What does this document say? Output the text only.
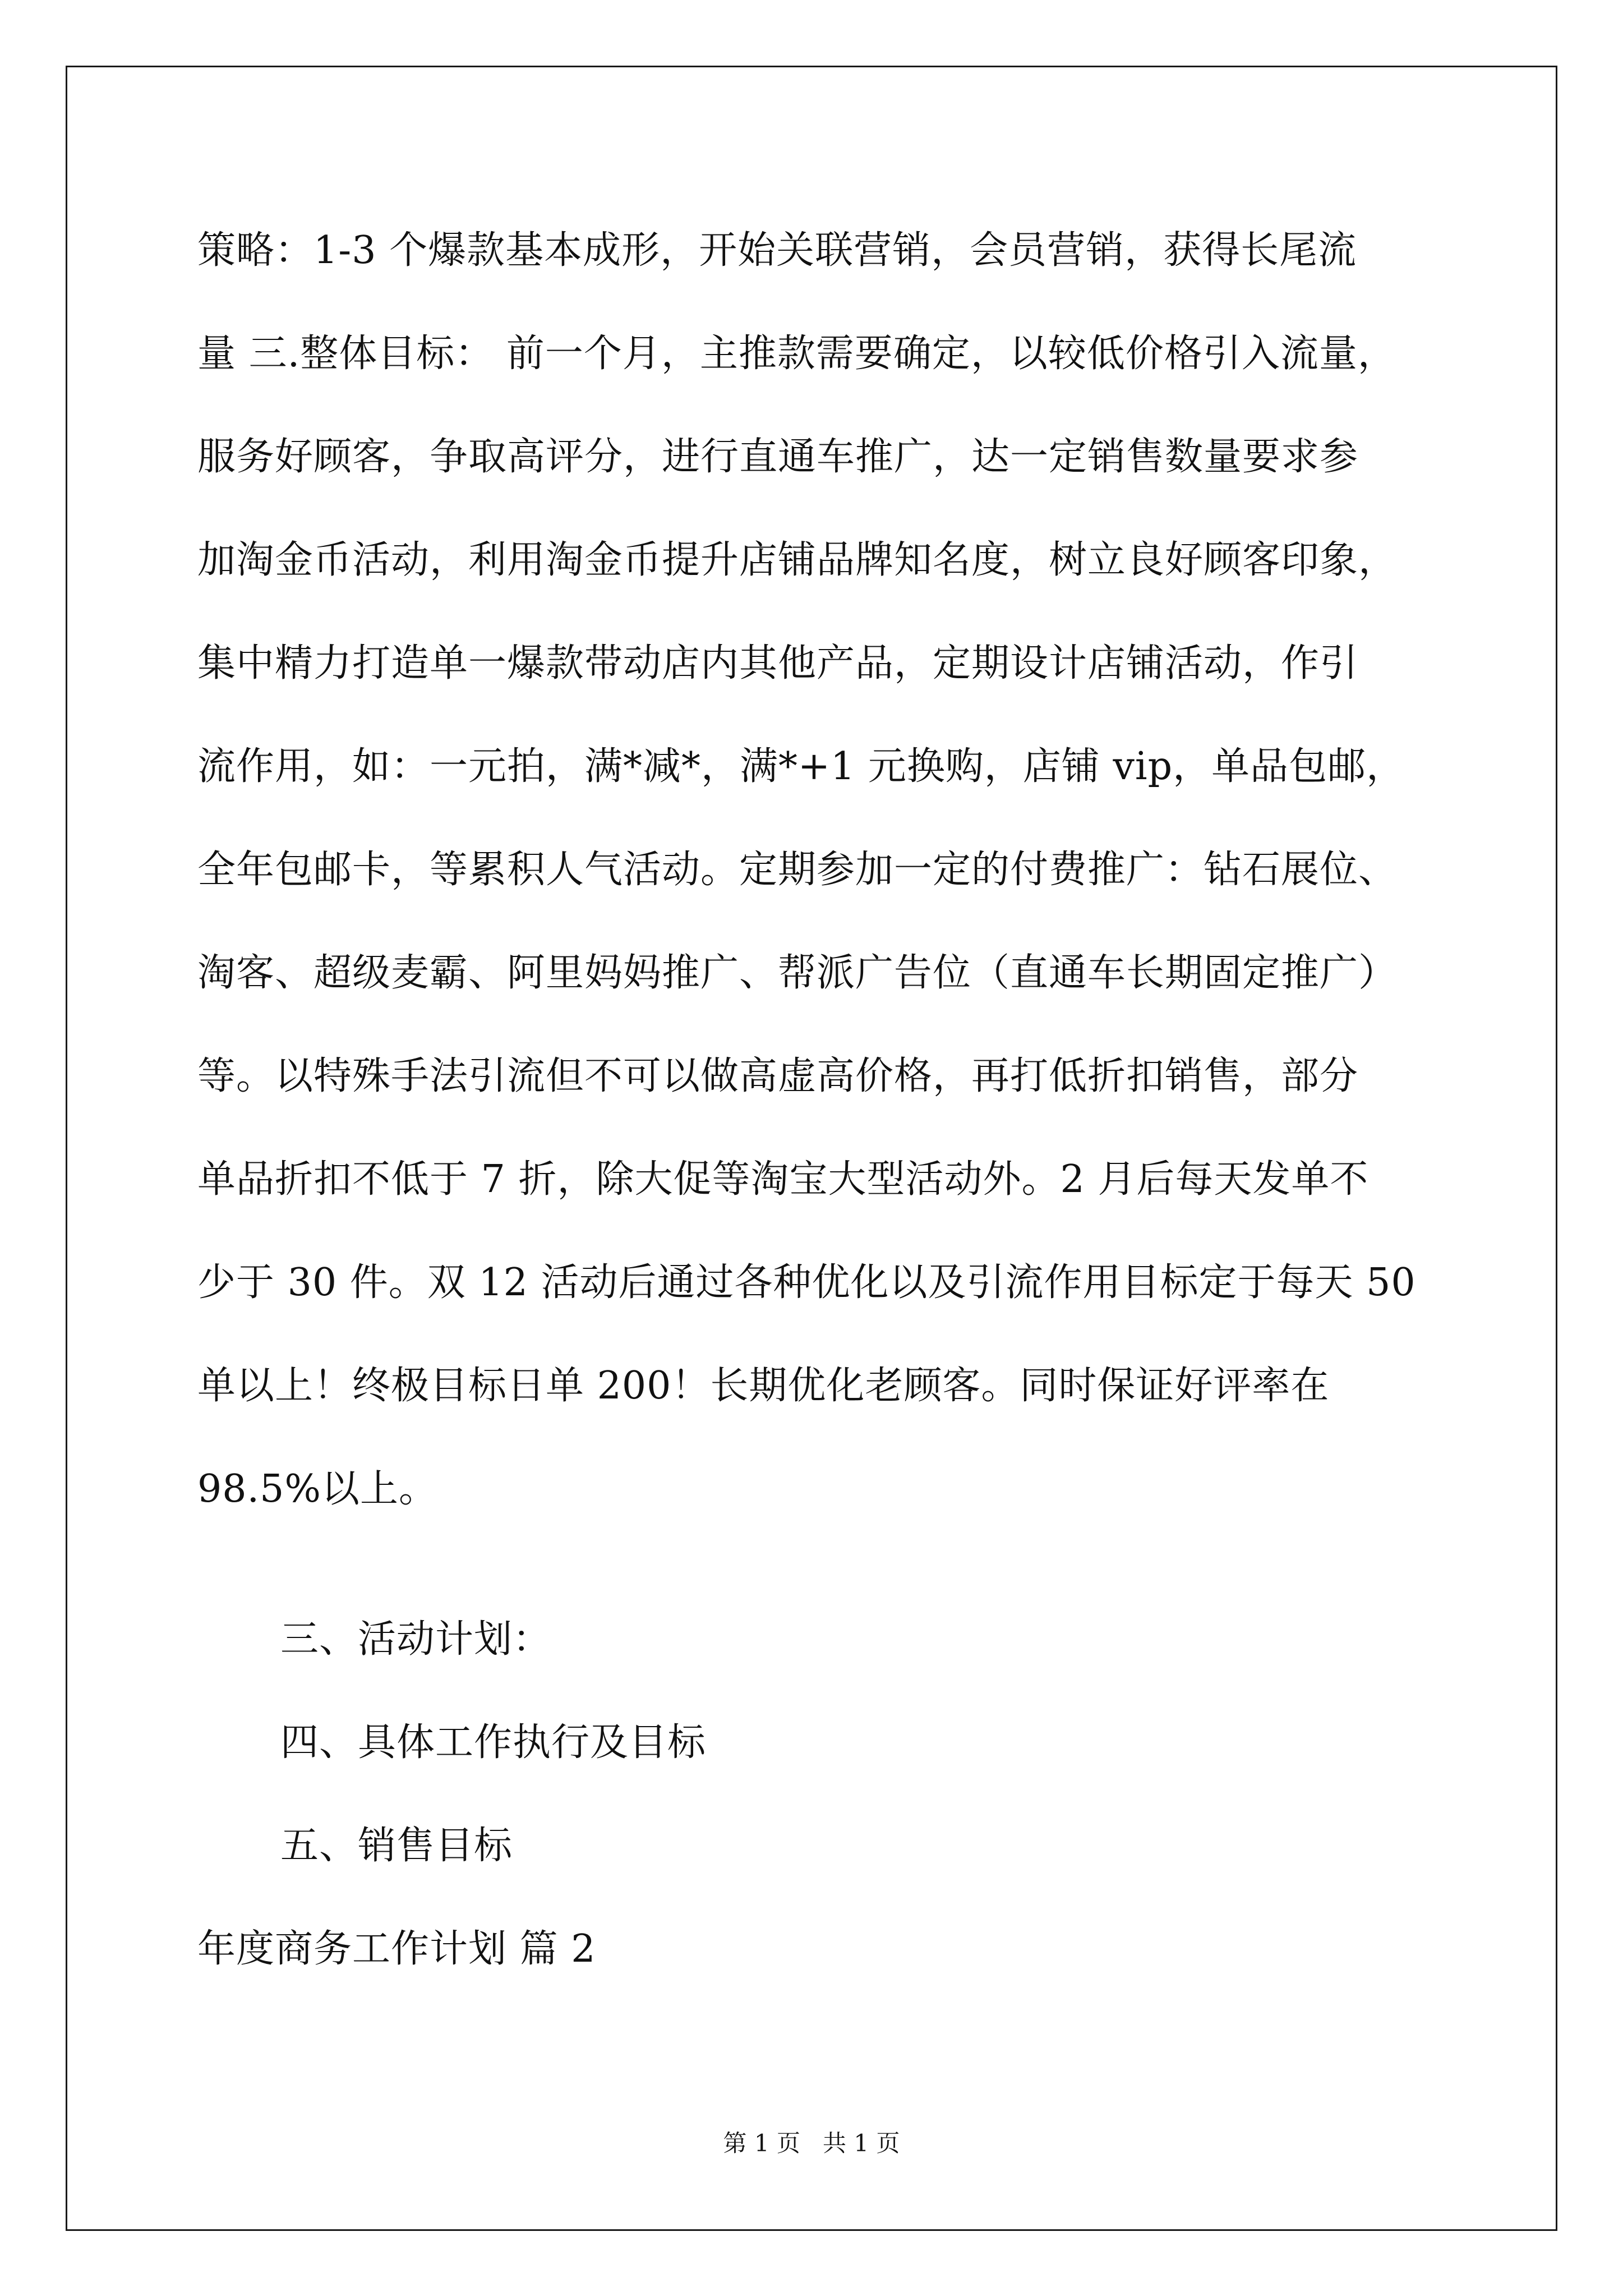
策略：1-3 个爆款基本成形，开始关联营销，会员营销，获得长尾流
量 三.整体目标： 前一个月，主推款需要确定，以较低价格引入流量，
服务好顾客，争取高评分，进行直通车推广，达一定销售数量要求参
加淘金币活动，利用淘金币提升店铺品牌知名度，树立良好顾客印象，
集中精力打造单一爆款带动店内其他产品，定期设计店铺活动，作引
流作用，如：一元拍，满*减*，满*+1 元换购，店铺 vip，单品包邮，
全年包邮卡，等累积人气活动。定期参加一定的付费推广：钻石展位、
淘客、超级麦霸、阿里妈妈推广、帮派广告位（直通车长期固定推广）
等。以特殊手法引流但不可以做高虚高价格，再打低折扣销售，部分
单品折扣不低于 7 折，除大促等淘宝大型活动外。2 月后每天发单不
少于 30 件。双 12 活动后通过各种优化以及引流作用目标定于每天 50
单以上！终极目标日单 200！长期优化老顾客。同时保证好评率在
98.5%以上。
三、活动计划：
四、具体工作执行及目标
五、销售目标
年度商务工作计划 篇 2
第 1 页   共 1 页
